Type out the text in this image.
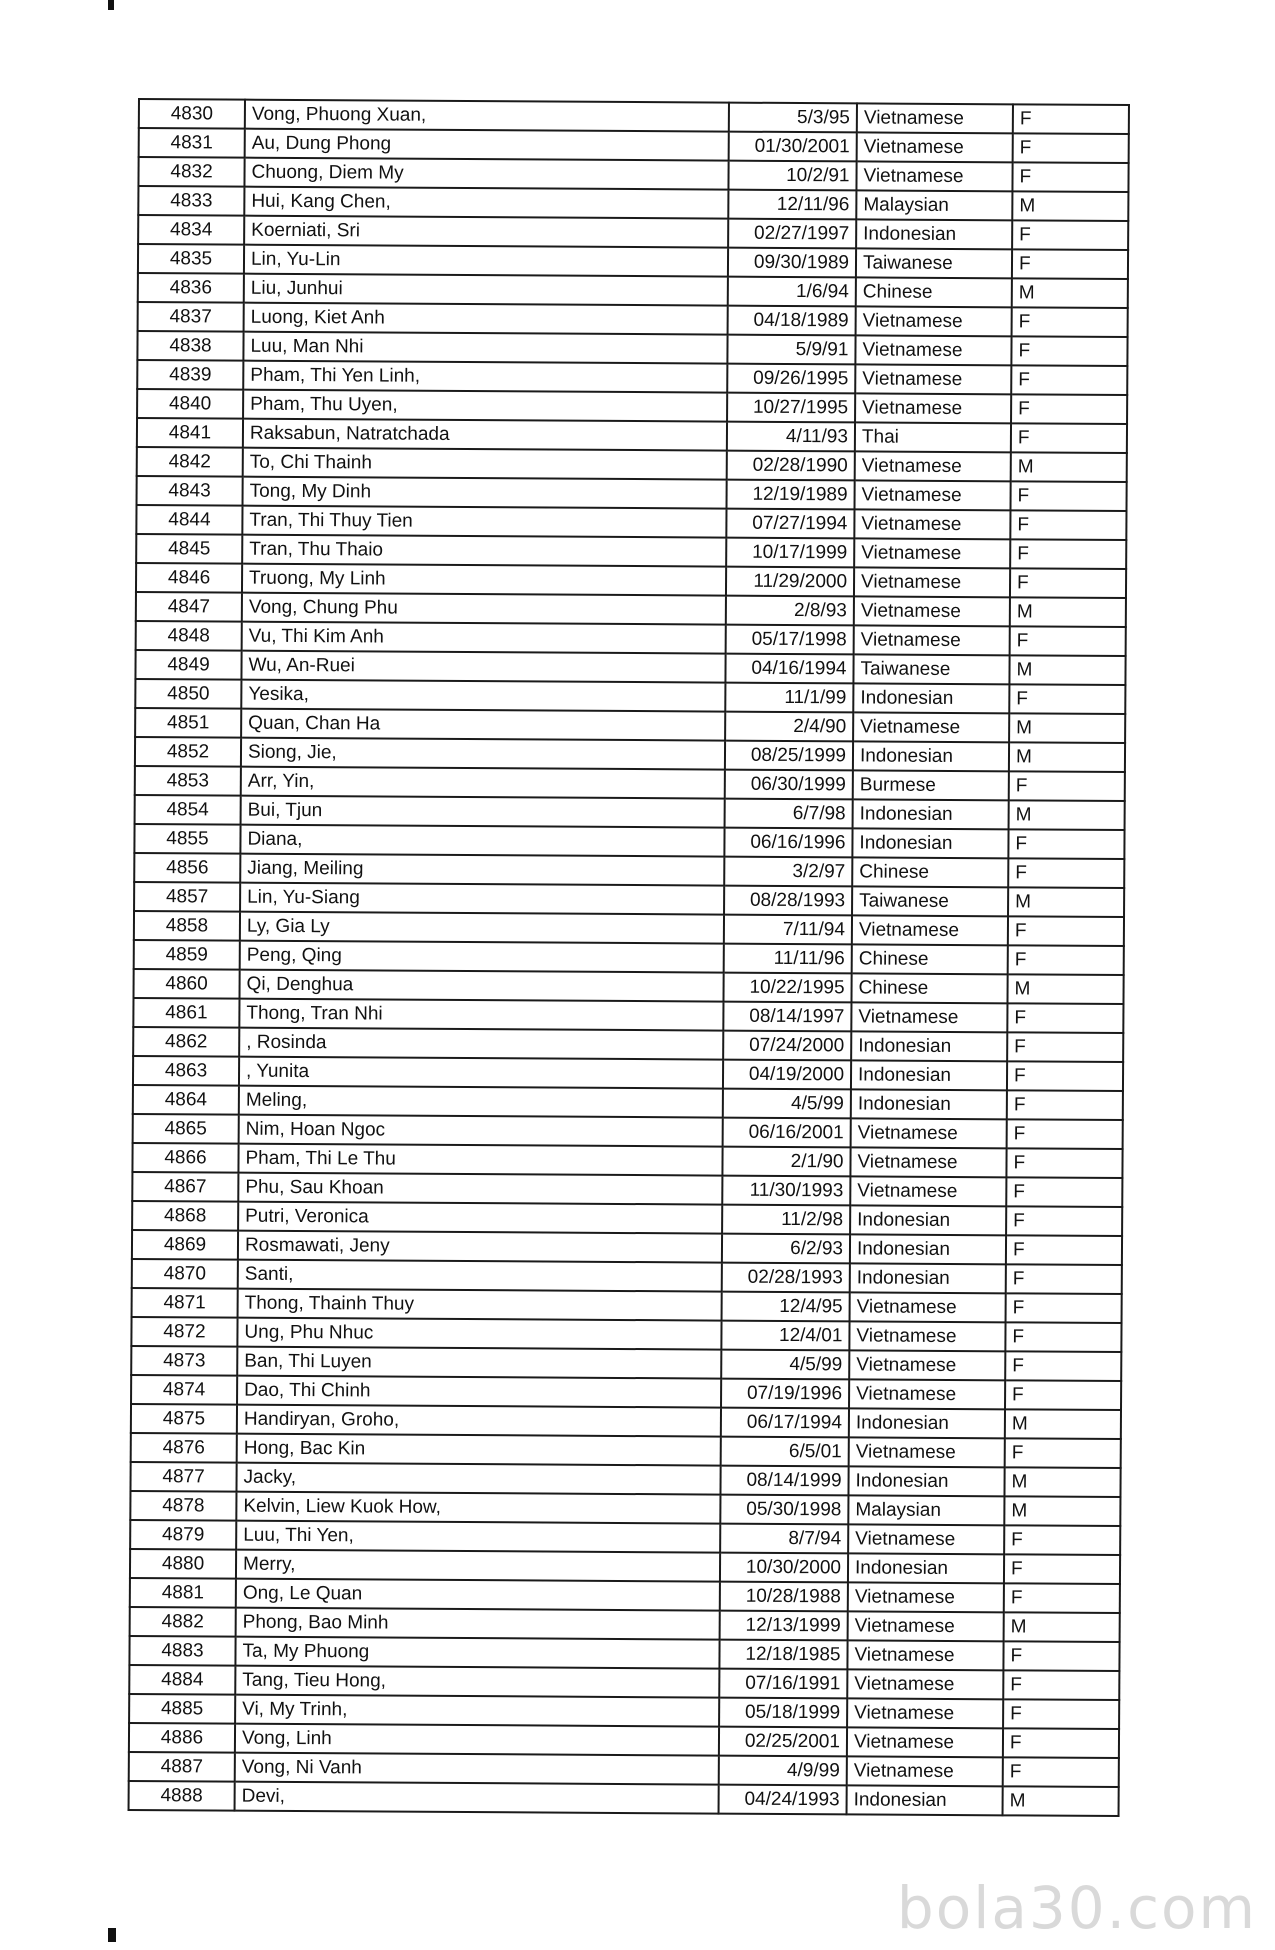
4830	Vong, Phuong Xuan,	5/3/95	Vietnamese	F
4831	Au, Dung Phong	01/30/2001	Vietnamese	F
4832	Chuong, Diem My	10/2/91	Vietnamese	F
4833	Hui, Kang Chen,	12/11/96	Malaysian	M
4834	Koerniati, Sri	02/27/1997	Indonesian	F
4835	Lin, Yu-Lin	09/30/1989	Taiwanese	F
4836	Liu, Junhui	1/6/94	Chinese	M
4837	Luong, Kiet Anh	04/18/1989	Vietnamese	F
4838	Luu, Man Nhi	5/9/91	Vietnamese	F
4839	Pham, Thi Yen Linh,	09/26/1995	Vietnamese	F
4840	Pham, Thu Uyen,	10/27/1995	Vietnamese	F
4841	Raksabun, Natratchada	4/11/93	Thai	F
4842	To, Chi Thainh	02/28/1990	Vietnamese	M
4843	Tong, My Dinh	12/19/1989	Vietnamese	F
4844	Tran, Thi Thuy Tien	07/27/1994	Vietnamese	F
4845	Tran, Thu Thaio	10/17/1999	Vietnamese	F
4846	Truong, My Linh	11/29/2000	Vietnamese	F
4847	Vong, Chung Phu	2/8/93	Vietnamese	M
4848	Vu, Thi Kim Anh	05/17/1998	Vietnamese	F
4849	Wu, An-Ruei	04/16/1994	Taiwanese	M
4850	Yesika,	11/1/99	Indonesian	F
4851	Quan, Chan Ha	2/4/90	Vietnamese	M
4852	Siong, Jie,	08/25/1999	Indonesian	M
4853	Arr, Yin,	06/30/1999	Burmese	F
4854	Bui, Tjun	6/7/98	Indonesian	M
4855	Diana,	06/16/1996	Indonesian	F
4856	Jiang, Meiling	3/2/97	Chinese	F
4857	Lin, Yu-Siang	08/28/1993	Taiwanese	M
4858	Ly, Gia Ly	7/11/94	Vietnamese	F
4859	Peng, Qing	11/11/96	Chinese	F
4860	Qi, Denghua	10/22/1995	Chinese	M
4861	Thong, Tran Nhi	08/14/1997	Vietnamese	F
4862	, Rosinda	07/24/2000	Indonesian	F
4863	, Yunita	04/19/2000	Indonesian	F
4864	Meling,	4/5/99	Indonesian	F
4865	Nim, Hoan Ngoc	06/16/2001	Vietnamese	F
4866	Pham, Thi Le Thu	2/1/90	Vietnamese	F
4867	Phu, Sau Khoan	11/30/1993	Vietnamese	F
4868	Putri, Veronica	11/2/98	Indonesian	F
4869	Rosmawati, Jeny	6/2/93	Indonesian	F
4870	Santi,	02/28/1993	Indonesian	F
4871	Thong, Thainh Thuy	12/4/95	Vietnamese	F
4872	Ung, Phu Nhuc	12/4/01	Vietnamese	F
4873	Ban, Thi Luyen	4/5/99	Vietnamese	F
4874	Dao, Thi Chinh	07/19/1996	Vietnamese	F
4875	Handiryan, Groho,	06/17/1994	Indonesian	M
4876	Hong, Bac Kin	6/5/01	Vietnamese	F
4877	Jacky,	08/14/1999	Indonesian	M
4878	Kelvin, Liew Kuok How,	05/30/1998	Malaysian	M
4879	Luu, Thi Yen,	8/7/94	Vietnamese	F
4880	Merry,	10/30/2000	Indonesian	F
4881	Ong, Le Quan	10/28/1988	Vietnamese	F
4882	Phong, Bao Minh	12/13/1999	Vietnamese	M
4883	Ta, My Phuong	12/18/1985	Vietnamese	F
4884	Tang, Tieu Hong,	07/16/1991	Vietnamese	F
4885	Vi, My Trinh,	05/18/1999	Vietnamese	F
4886	Vong, Linh	02/25/2001	Vietnamese	F
4887	Vong, Ni Vanh	4/9/99	Vietnamese	F
4888	Devi,	04/24/1993	Indonesian	M
bola30.com
